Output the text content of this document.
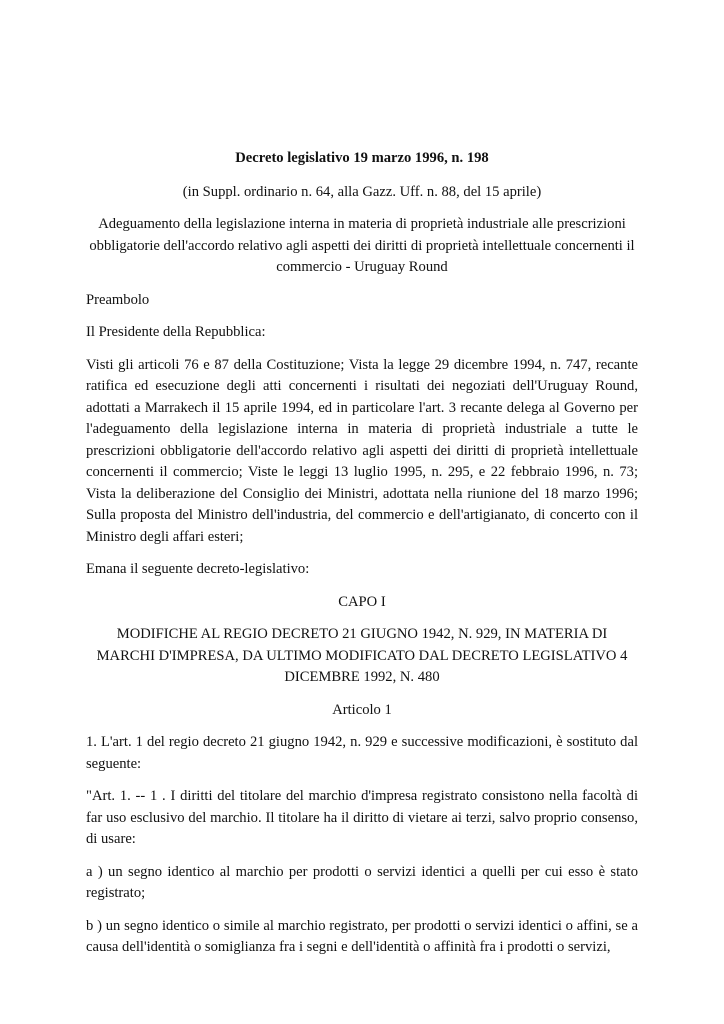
Decreto legislativo 19 marzo 1996, n. 198

(in Suppl. ordinario n. 64, alla Gazz. Uff. n. 88, del 15 aprile)

Adeguamento della legislazione interna in materia di proprietà industriale alle prescrizioni obbligatorie dell'accordo relativo agli aspetti dei diritti di proprietà intellettuale concernenti il commercio - Uruguay Round

Preambolo

Il Presidente della Repubblica:

Visti gli articoli 76 e 87 della Costituzione; Vista la legge 29 dicembre 1994, n. 747, recante ratifica ed esecuzione degli atti concernenti i risultati dei negoziati dell'Uruguay Round, adottati a Marrakech il 15 aprile 1994, ed in particolare l'art. 3 recante delega al Governo per l'adeguamento della legislazione interna in materia di proprietà industriale a tutte le prescrizioni obbligatorie dell'accordo relativo agli aspetti dei diritti di proprietà intellettuale concernenti il commercio; Viste le leggi 13 luglio 1995, n. 295, e 22 febbraio 1996, n. 73; Vista la deliberazione del Consiglio dei Ministri, adottata nella riunione del 18 marzo 1996; Sulla proposta del Ministro dell'industria, del commercio e dell'artigianato, di concerto con il Ministro degli affari esteri;

Emana il seguente decreto-legislativo:

CAPO I

MODIFICHE AL REGIO DECRETO 21 GIUGNO 1942, N. 929, IN MATERIA DI MARCHI D'IMPRESA, DA ULTIMO MODIFICATO DAL DECRETO LEGISLATIVO 4 DICEMBRE 1992, N. 480

Articolo 1

1. L'art. 1 del regio decreto 21 giugno 1942, n. 929 e successive modificazioni, è sostituto dal seguente:

"Art. 1. -- 1 . I diritti del titolare del marchio d'impresa registrato consistono nella facoltà di far uso esclusivo del marchio. Il titolare ha il diritto di vietare ai terzi, salvo proprio consenso, di usare:

a ) un segno identico al marchio per prodotti o servizi identici a quelli per cui esso è stato registrato;

b ) un segno identico o simile al marchio registrato, per prodotti o servizi identici o affini, se a causa dell'identità o somiglianza fra i segni e dell'identità o affinità fra i prodotti o servizi,
